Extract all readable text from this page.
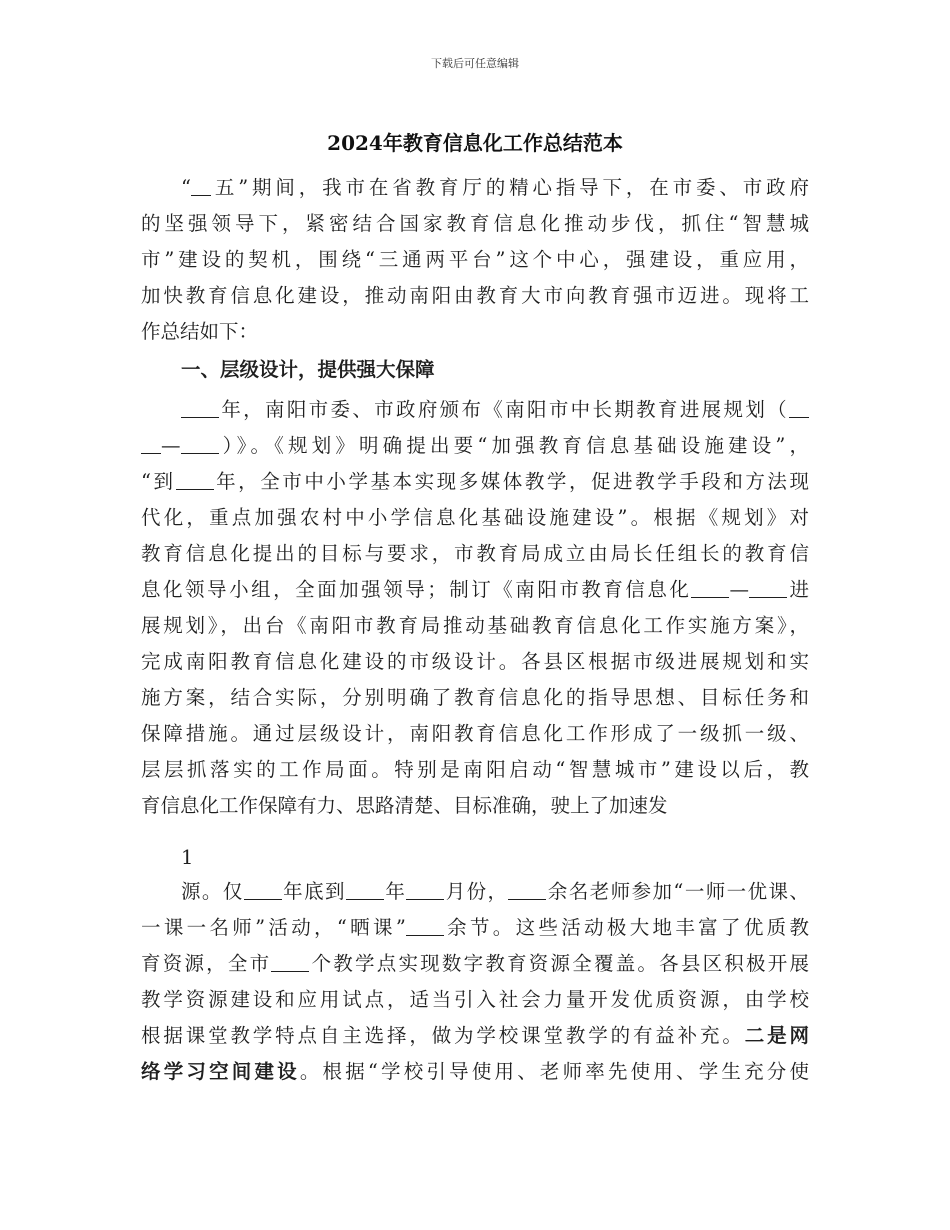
下载后可任意编辑
2024年教育信息化工作总结范本
“ 五”期间，我市在省教育厅的精心指导下，在市委、市政府
的坚强领导下，紧密结合国家教育信息化推动步伐，抓住“智慧城
市”建设的契机，围绕“三通两平台”这个中心，强建设，重应用，
加快教育信息化建设，推动南阳由教育大市向教育强市迈进。现将工
作总结如下：
一、层级设计，提供强大保障
年，南阳市委、市政府颁布《南阳市中长期教育进展规划（
— ）》。《规划》明确提出要“加强教育信息基础设施建设”，
“到 年，全市中小学基本实现多媒体教学，促进教学手段和方法现
代化，重点加强农村中小学信息化基础设施建设”。根据《规划》对
教育信息化提出的目标与要求，市教育局成立由局长任组长的教育信
息化领导小组，全面加强领导；制订《南阳市教育信息化 — 进
展规划》，出台《南阳市教育局推动基础教育信息化工作实施方案》，
完成南阳教育信息化建设的市级设计。各县区根据市级进展规划和实
施方案，结合实际，分别明确了教育信息化的指导思想、目标任务和
保障措施。通过层级设计，南阳教育信息化工作形成了一级抓一级、
层层抓落实的工作局面。特别是南阳启动“智慧城市”建设以后，教
育信息化工作保障有力、思路清楚、目标准确，驶上了加速发
1
源。仅 年底到 年 月份， 余名老师参加“一师一优课、
一课一名师”活动，“晒课” 余节。这些活动极大地丰富了优质教
育资源，全市 个教学点实现数字教育资源全覆盖。各县区积极开展
教学资源建设和应用试点，适当引入社会力量开发优质资源，由学校
根据课堂教学特点自主选择，做为学校课堂教学的有益补充。二是网
络学习空间建设。根据“学校引导使用、老师率先使用、学生充分使
